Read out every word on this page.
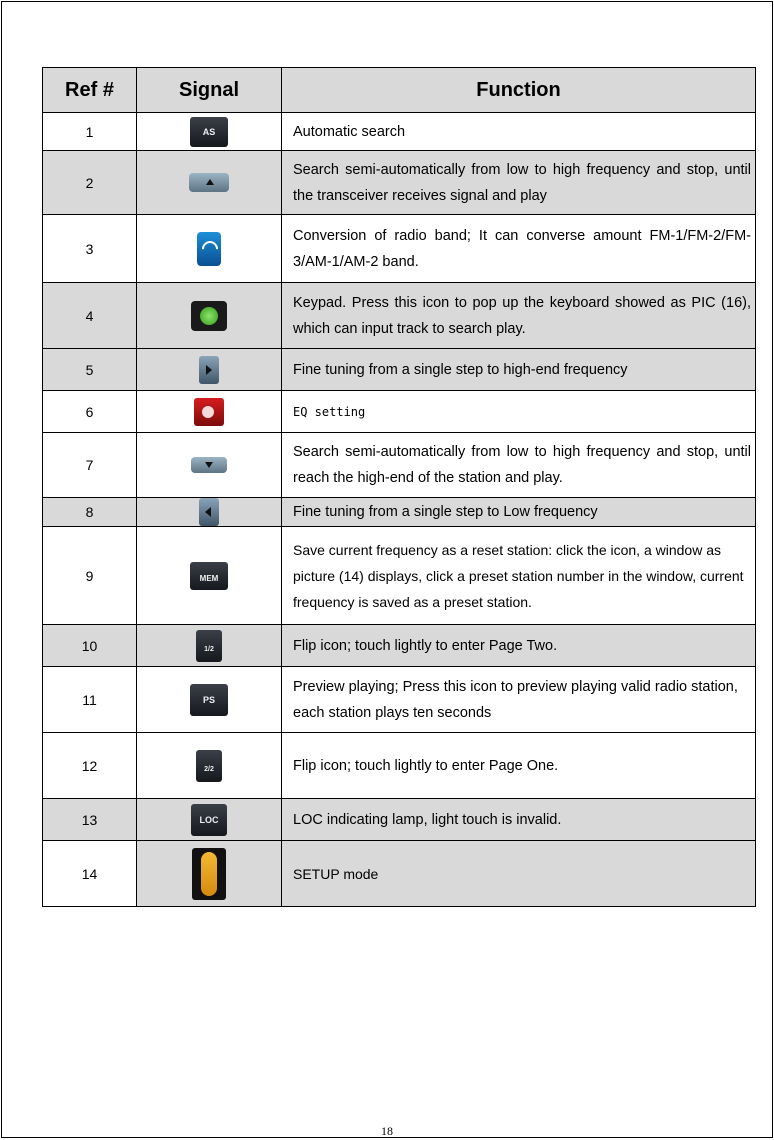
Ref #	Signal	Function
1	AS	Automatic search
2		Search semi-automatically from low to high frequency and stop, until the transceiver receives signal and play
3		Conversion of radio band; It can converse amount FM-1/FM-2/FM-3/AM-1/AM-2 band.
4		Keypad. Press this icon to pop up the keyboard showed as PIC (16), which can input track to search play.
5		Fine tuning from a single step to high-end frequency
6		EQ setting
7		Search semi-automatically from low to high frequency and stop, until reach the high-end of the station and play.
8		Fine tuning from a single step to Low frequency
9	MEM	Save current frequency as a reset station: click the icon, a window as picture (14) displays, click a preset station number in the window, current frequency is saved as a preset station.
10	1/2	Flip icon; touch lightly to enter Page Two.
11	PS	Preview playing; Press this icon to preview playing valid radio station, each station plays ten seconds
12	2/2	Flip icon; touch lightly to enter Page One.
13	LOC	LOC indicating lamp, light touch is invalid.
14		SETUP mode
18
